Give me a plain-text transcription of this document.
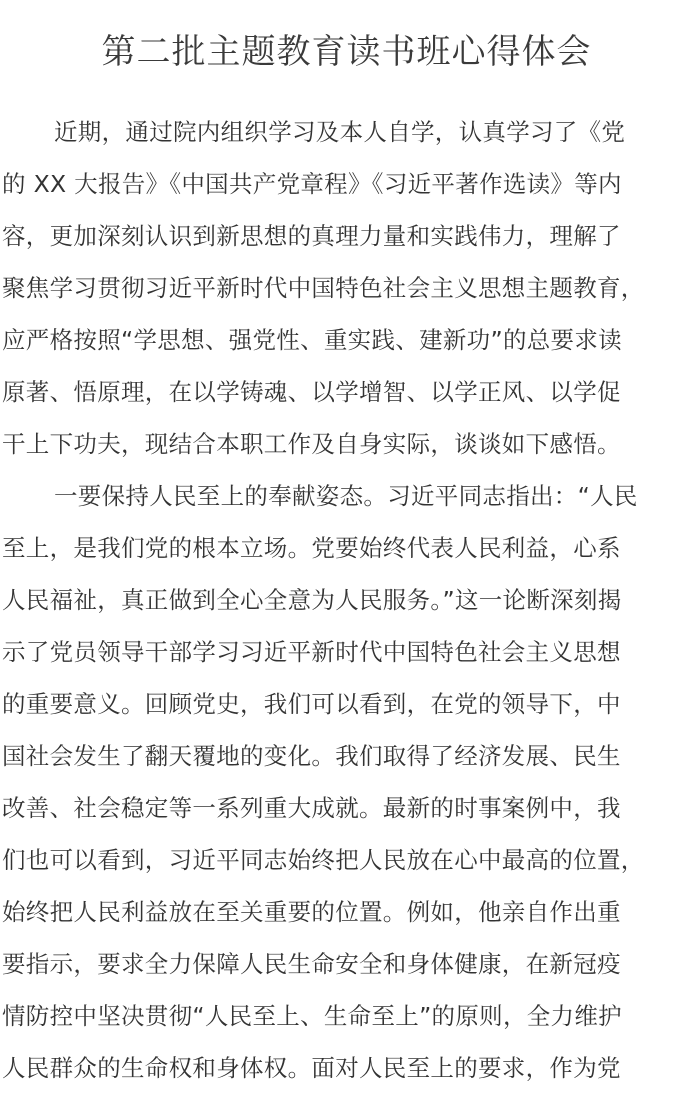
第二批主题教育读书班心得体会
近期，通过院内组织学习及本人自学，认真学习了《党
的 XX 大报告》《中国共产党章程》《习近平著作选读》等内
容，更加深刻认识到新思想的真理力量和实践伟力，理解了
聚焦学习贯彻习近平新时代中国特色社会主义思想主题教育，
应严格按照“学思想、强党性、重实践、建新功”的总要求读
原著、悟原理，在以学铸魂、以学增智、以学正风、以学促
干上下功夫，现结合本职工作及自身实际，谈谈如下感悟。
一要保持人民至上的奉献姿态。习近平同志指出：“人民
至上，是我们党的根本立场。党要始终代表人民利益，心系
人民福祉，真正做到全心全意为人民服务。”这一论断深刻揭
示了党员领导干部学习习近平新时代中国特色社会主义思想
的重要意义。回顾党史，我们可以看到，在党的领导下，中
国社会发生了翻天覆地的变化。我们取得了经济发展、民生
改善、社会稳定等一系列重大成就。最新的时事案例中，我
们也可以看到，习近平同志始终把人民放在心中最高的位置，
始终把人民利益放在至关重要的位置。例如，他亲自作出重
要指示，要求全力保障人民生命安全和身体健康，在新冠疫
情防控中坚决贯彻“人民至上、生命至上”的原则，全力维护
人民群众的生命权和身体权。面对人民至上的要求，作为党
